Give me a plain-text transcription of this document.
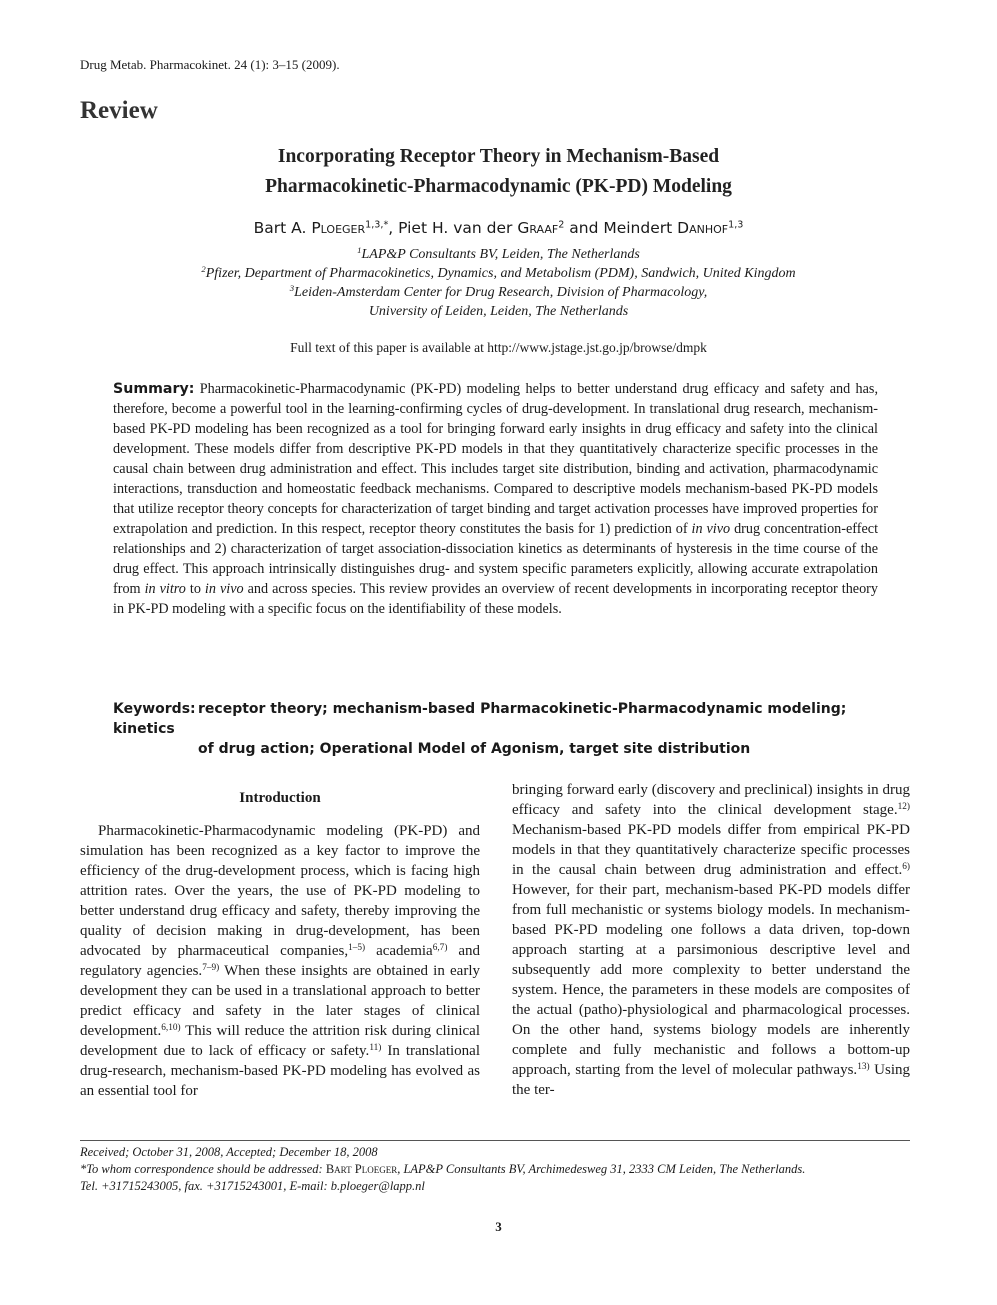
Drug Metab. Pharmacokinet. 24 (1): 3–15 (2009).
Review
Incorporating Receptor Theory in Mechanism-Based
Pharmacokinetic-Pharmacodynamic (PK-PD) Modeling
Bart A. Ploeger$^{1,3,*}$, Piet H. van der Graaf$^2$ and Meindert Danhof$^{1,3}$
$^1$LAP&P Consultants BV, Leiden, The Netherlands
$^2$Pfizer, Department of Pharmacokinetics, Dynamics, and Metabolism (PDM), Sandwich, United Kingdom
$^3$Leiden-Amsterdam Center for Drug Research, Division of Pharmacology,
University of Leiden, Leiden, The Netherlands
Full text of this paper is available at http://www.jstage.jst.go.jp/browse/dmpk
Summary: Pharmacokinetic-Pharmacodynamic (PK-PD) modeling helps to better understand drug efficacy and safety and has, therefore, become a powerful tool in the learning-confirming cycles of drug-development. In translational drug research, mechanism-based PK-PD modeling has been recognized as a tool for bringing forward early insights in drug efficacy and safety into the clinical development. These models differ from descriptive PK-PD models in that they quantitatively characterize specific processes in the causal chain between drug administration and effect. This includes target site distribution, binding and activation, pharmacodynamic interactions, transduction and homeostatic feedback mechanisms. Compared to descriptive models mechanism-based PK-PD models that utilize receptor theory concepts for characterization of target binding and target activation processes have improved properties for extrapolation and prediction. In this respect, receptor theory constitutes the basis for 1) prediction of in vivo drug concentration-effect relationships and 2) characterization of target association-dissociation kinetics as determinants of hysteresis in the time course of the drug effect. This approach intrinsically distinguishes drug- and system specific parameters explicitly, allowing accurate extrapolation from in vitro to in vivo and across species. This review provides an overview of recent developments in incorporating receptor theory in PK-PD modeling with a specific focus on the identifiability of these models.
Keywords: receptor theory; mechanism-based Pharmacokinetic-Pharmacodynamic modeling; kinetics
of drug action; Operational Model of Agonism, target site distribution
Introduction
Pharmacokinetic-Pharmacodynamic modeling (PK-PD) and simulation has been recognized as a key factor to improve the efficiency of the drug-development process, which is facing high attrition rates. Over the years, the use of PK-PD modeling to better understand drug efficacy and safety, thereby improving the quality of decision making in drug-development, has been advocated by pharmaceutical companies,$^{1-5)}$ academia$^{6,7)}$ and regulatory agencies.$^{7-9)}$ When these insights are obtained in early development they can be used in a translational approach to better predict efficacy and safety in the later stages of clinical development.$^{6,10)}$ This will reduce the attrition risk during clinical development due to lack of efficacy or safety.$^{11)}$ In translational drug-research, mechanism-based PK-PD modeling has evolved as an essential tool for
bringing forward early (discovery and preclinical) insights in drug efficacy and safety into the clinical development stage.$^{12)}$ Mechanism-based PK-PD models differ from empirical PK-PD models in that they quantitatively characterize specific processes in the causal chain between drug administration and effect.$^{6)}$ However, for their part, mechanism-based PK-PD models differ from full mechanistic or systems biology models. In mechanism-based PK-PD modeling one follows a data driven, top-down approach starting at a parsimonious descriptive level and subsequently add more complexity to better understand the system. Hence, the parameters in these models are composites of the actual (patho)-physiological and pharmacological processes. On the other hand, systems biology models are inherently complete and fully mechanistic and follows a bottom-up approach, starting from the level of molecular pathways.$^{13)}$ Using the ter-
Received; October 31, 2008, Accepted; December 18, 2008
*To whom correspondence should be addressed: Bart Ploeger, LAP&P Consultants BV, Archimedesweg 31, 2333 CM Leiden, The Netherlands.
Tel. +31715243005, fax. +31715243001, E-mail: b.ploeger@lapp.nl
3
